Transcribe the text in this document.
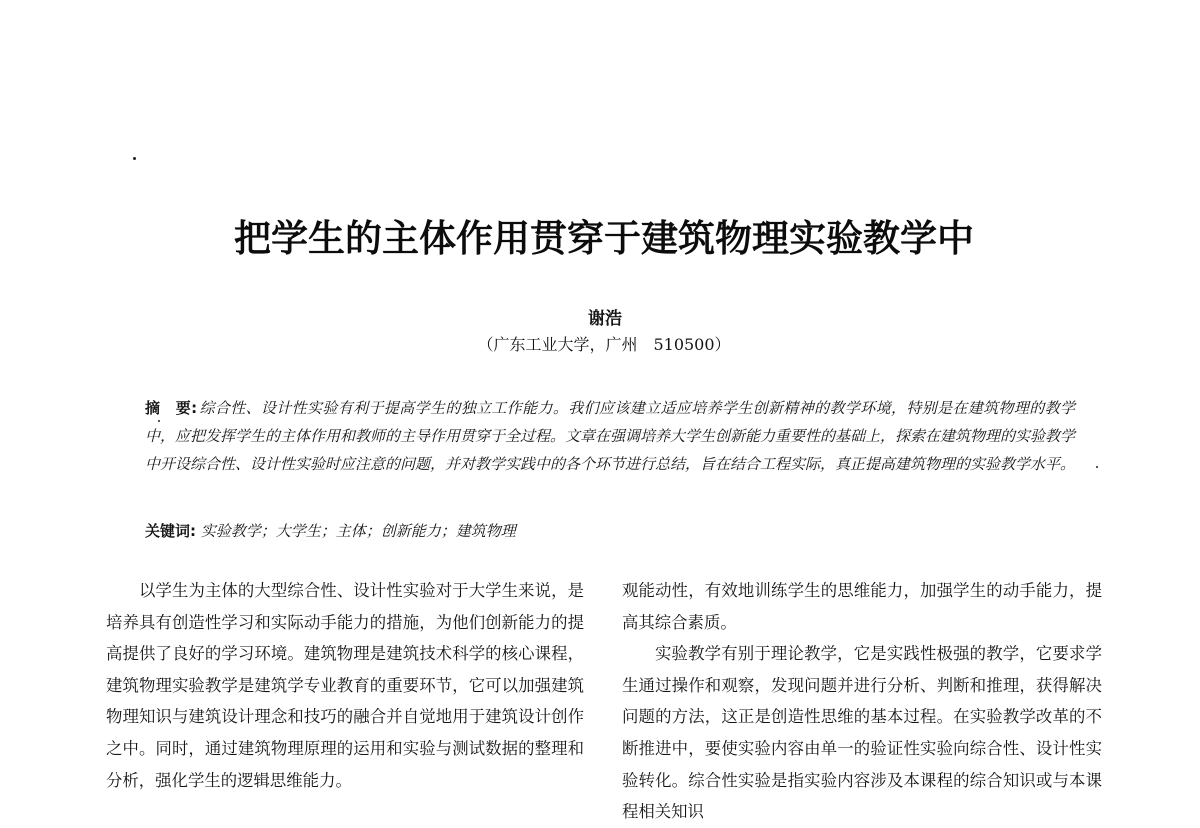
把学生的主体作用贯穿于建筑物理实验教学中
谢浩
（广东工业大学，广州　510500）
摘　要: 综合性、设计性实验有利于提高学生的独立工作能力。我们应该建立适应培养学生创新精神的教学环境，特别是在建筑物理的教学中，应把发挥学生的主体作用和教师的主导作用贯穿于全过程。文章在强调培养大学生创新能力重要性的基础上，探索在建筑物理的实验教学中开设综合性、设计性实验时应注意的问题，并对教学实践中的各个环节进行总结，旨在结合工程实际，真正提高建筑物理的实验教学水平。
关键词: 实验教学；大学生；主体；创新能力；建筑物理

以学生为主体的大型综合性、设计性实验对于大学生来说，是培养具有创造性学习和实际动手能力的措施，为他们创新能力的提高提供了良好的学习环境。建筑物理是建筑技术科学的核心课程，建筑物理实验教学是建筑学专业教育的重要环节，它可以加强建筑物理知识与建筑设计理念和技巧的融合并自觉地用于建筑设计创作之中。同时，通过建筑物理原理的运用和实验与测试数据的整理和分析，强化学生的逻辑思维能力。

观能动性，有效地训练学生的思维能力，加强学生的动手能力，提高其综合素质。

实验教学有别于理论教学，它是实践性极强的教学，它要求学生通过操作和观察，发现问题并进行分析、判断和推理，获得解决问题的方法，这正是创造性思维的基本过程。在实验教学改革的不断推进中，要使实验内容由单一的验证性实验向综合性、设计性实验转化。综合性实验是指实验内容涉及本课程的综合知识或与本课程相关知识
